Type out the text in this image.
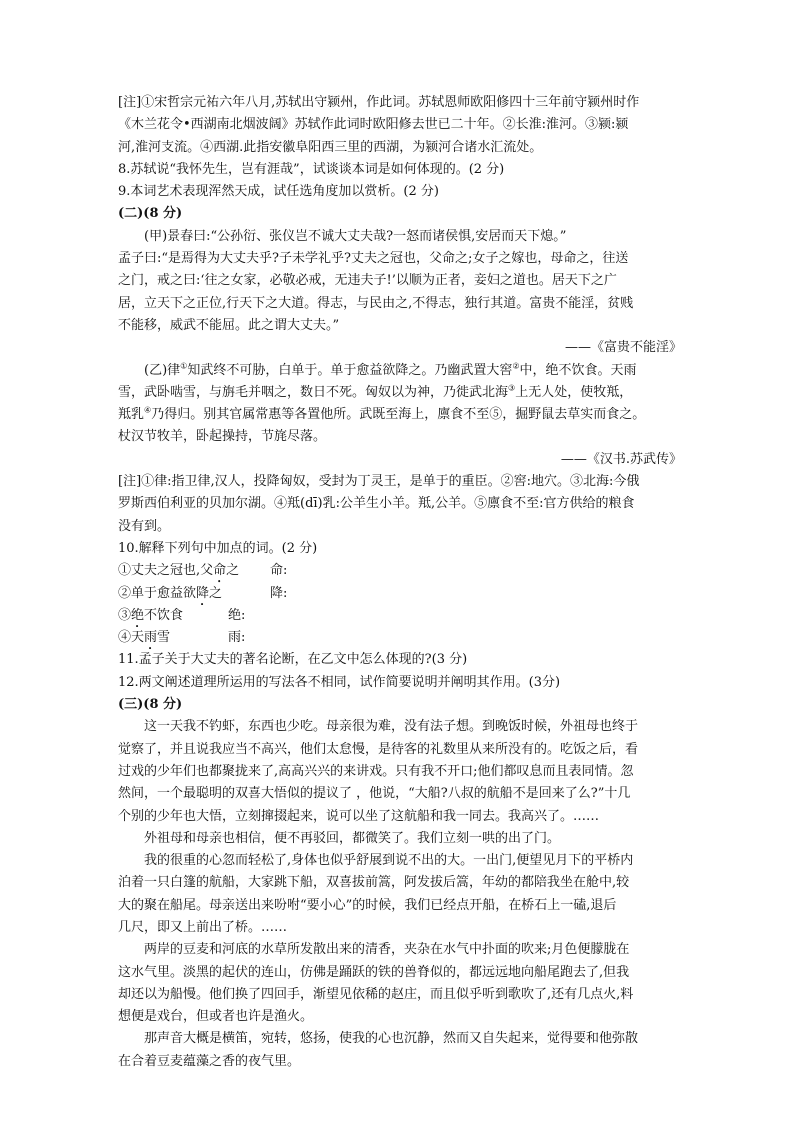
[注]①宋哲宗元祐六年八月,苏轼出守颍州，作此词。苏轼恩师欧阳修四十三年前守颍州时作

《木兰花令•西湖南北烟波阔》苏轼作此词时欧阳修去世已二十年。②长淮:淮河。③颍:颍

河,淮河支流。④西湖.此指安徽阜阳西三里的西湖，为颍河合诸水汇流处。

8.苏轼说“我怀先生，岂有涯哉”，试谈谈本词是如何体现的。(2 分)

9.本词艺术表现浑然天成，试任选角度加以赏析。(2 分)

(二)(8 分)

(甲)景春曰:“公孙衍、张仪岂不诚大丈夫哉?一怒而诸侯惧,安居而天下熄。”

孟子曰:“是焉得为大丈夫乎?子未学礼乎?丈夫之冠也，父命之;女子之嫁也，母命之，往送

之门，戒之曰:‘往之女家，必敬必戒，无违夫子!’以顺为正者，妾妇之道也。居天下之广

居，立天下之正位,行天下之大道。得志，与民由之,不得志，独行其道。富贵不能淫，贫贱

不能移，威武不能屈。此之谓大丈夫。”

——《富贵不能淫》

(乙)律①知武终不可胁，白单于。单于愈益欲降之。乃幽武置大窖②中，绝不饮食。天雨

雪，武卧啮雪，与旃毛并咽之，数日不死。匈奴以为神，乃徙武北海③上无人处，使牧羝，

羝乳④乃得归。别其官属常惠等各置他所。武既至海上，廪食不至⑤，掘野鼠去草实而食之。

杖汉节牧羊，卧起操持，节旄尽落。

——《汉书.苏武传》

[注]①律:指卫律,汉人，投降匈奴，受封为丁灵王，是单于的重臣。②窖:地穴。③北海:今俄

罗斯西伯利亚的贝加尔湖。④羝(dī)乳:公羊生小羊。羝,公羊。⑤廪食不至:官方供给的粮食

没有到。

10.解释下列句中加点的词。(2 分)

①丈夫之冠也,父命之	命:
②单于愈益欲降之	降:
③绝不饮食	绝:
④天雨雪	雨:

11.孟子关于大丈夫的著名论断，在乙文中怎么体现的?(3 分)

12.两文阐述道理所运用的写法各不相同，试作简要说明并阐明其作用。(3分)

(三)(8 分)

这一天我不钓虾，东西也少吃。母亲很为难，没有法子想。到晚饭时候，外祖母也终于

觉察了，并且说我应当不高兴，他们太怠慢，是待客的礼数里从来所没有的。吃饭之后，看

过戏的少年们也都聚拢来了,高高兴兴的来讲戏。只有我不开口;他们都叹息而且表同情。忽

然间，一个最聪明的双喜大悟似的提议了 ，他说，“大船?八叔的航船不是回来了么?”十几

个别的少年也大悟，立刻撺掇起来，说可以坐了这航船和我一同去。我高兴了。……

外祖母和母亲也相信，便不再驳回，都微笑了。我们立刻一哄的出了门。

我的很重的心忽而轻松了,身体也似乎舒展到说不出的大。一出门,便望见月下的平桥内

泊着一只白篷的航船，大家跳下船，双喜拔前篙，阿发拔后篙，年幼的都陪我坐在舱中,较

大的聚在船尾。母亲送出来吩咐“要小心”的时候，我们已经点开船，在桥石上一磕,退后

几尺，即又上前出了桥。……

两岸的豆麦和河底的水草所发散出来的清香，夹杂在水气中扑面的吹来;月色便朦胧在

这水气里。淡黑的起伏的连山，仿佛是踊跃的铁的兽脊似的，都远远地向船尾跑去了,但我

却还以为船慢。他们换了四回手，渐望见依稀的赵庄，而且似乎听到歌吹了,还有几点火,料

想便是戏台，但或者也许是渔火。

那声音大概是横笛，宛转，悠扬，使我的心也沉静，然而又自失起来，觉得要和他弥散

在合着豆麦蕴藻之香的夜气里。
